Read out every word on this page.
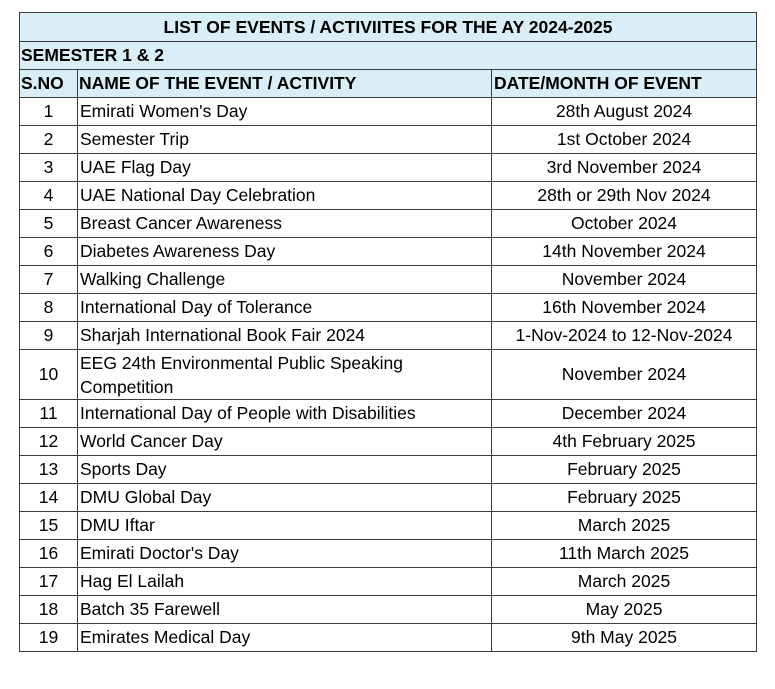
LIST OF EVENTS / ACTIVIITES FOR THE AY 2024-2025		
SEMESTER 1 & 2		
S.NO	NAME OF THE EVENT / ACTIVITY	DATE/MONTH OF EVENT
1	Emirati Women's Day	28th August 2024
2	Semester Trip	1st October 2024
3	UAE Flag Day	3rd November 2024
4	UAE National Day Celebration	28th or 29th Nov 2024
5	Breast Cancer Awareness	October 2024
6	Diabetes Awareness Day	14th November 2024
7	Walking Challenge	November 2024
8	International Day of Tolerance	16th November 2024
9	Sharjah International Book Fair 2024	1-Nov-2024 to 12-Nov-2024
10	EEG 24th Environmental Public Speaking Competition	November 2024
11	International Day of People with Disabilities	December 2024
12	World Cancer Day	4th February 2025
13	Sports Day	February 2025
14	DMU Global Day	February 2025
15	DMU Iftar	March 2025
16	Emirati Doctor's Day	11th March 2025
17	Hag El Lailah	March 2025
18	Batch 35 Farewell	May 2025
19	Emirates Medical Day	9th May 2025
